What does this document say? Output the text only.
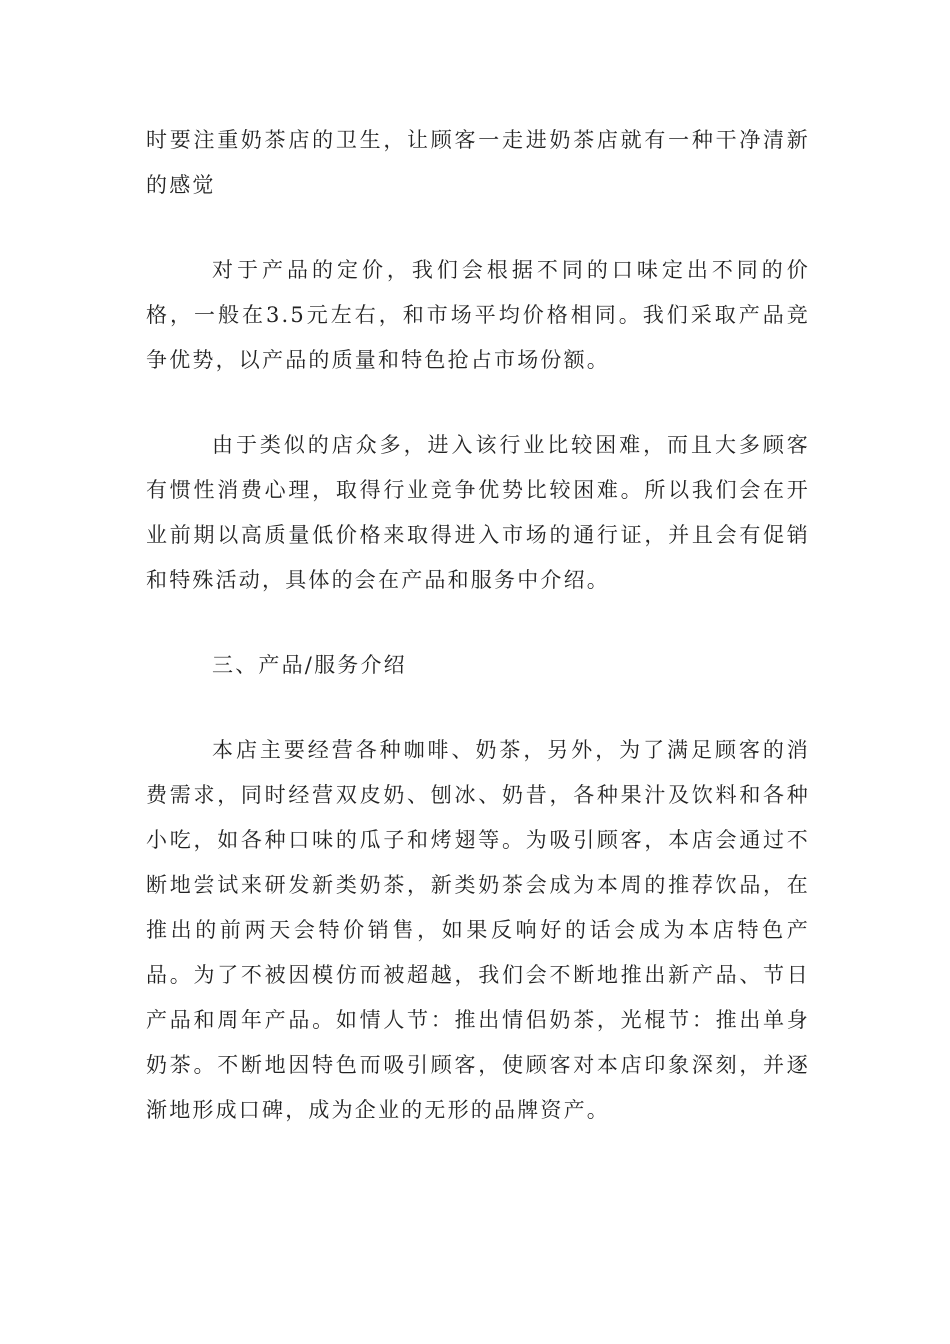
时要注重奶茶店的卫生，让顾客一走进奶茶店就有一种干净清新的感觉

对于产品的定价，我们会根据不同的口味定出不同的价格，一般在3.5元左右，和市场平均价格相同。我们采取产品竞争优势，以产品的质量和特色抢占市场份额。

由于类似的店众多，进入该行业比较困难，而且大多顾客有惯性消费心理，取得行业竞争优势比较困难。所以我们会在开业前期以高质量低价格来取得进入市场的通行证，并且会有促销和特殊活动，具体的会在产品和服务中介绍。

三、产品/服务介绍

本店主要经营各种咖啡、奶茶，另外，为了满足顾客的消费需求，同时经营双皮奶、刨冰、奶昔，各种果汁及饮料和各种小吃，如各种口味的瓜子和烤翅等。为吸引顾客，本店会通过不断地尝试来研发新类奶茶，新类奶茶会成为本周的推荐饮品，在推出的前两天会特价销售，如果反响好的话会成为本店特色产品。为了不被因模仿而被超越，我们会不断地推出新产品、节日产品和周年产品。如情人节：推出情侣奶茶，光棍节：推出单身奶茶。不断地因特色而吸引顾客，使顾客对本店印象深刻，并逐渐地形成口碑，成为企业的无形的品牌资产。
